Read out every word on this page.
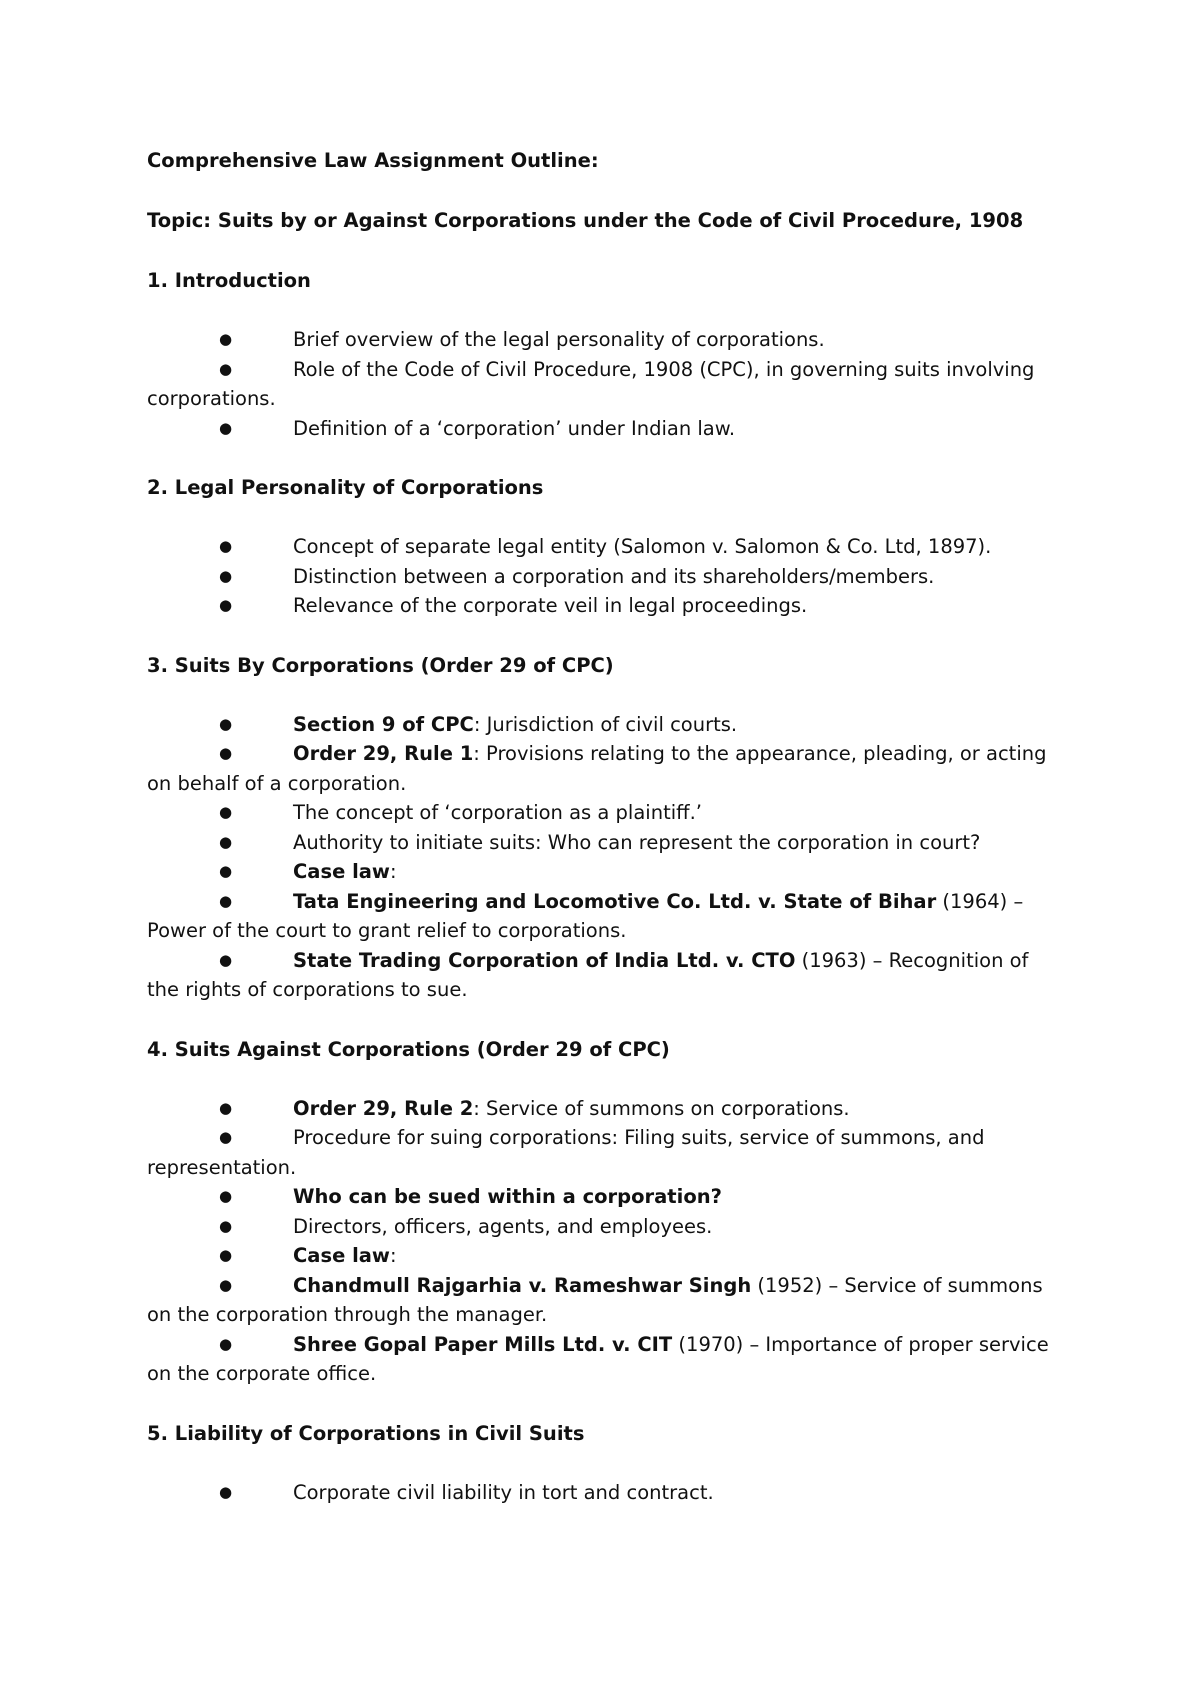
Comprehensive Law Assignment Outline:

Topic: Suits by or Against Corporations under the Code of Civil Procedure, 1908

1. Introduction

●	Brief overview of the legal personality of corporations.
●	Role of the Code of Civil Procedure, 1908 (CPC), in governing suits involving corporations.
●	Definition of a ‘corporation’ under Indian law.

2. Legal Personality of Corporations

●	Concept of separate legal entity (Salomon v. Salomon & Co. Ltd, 1897).
●	Distinction between a corporation and its shareholders/members.
●	Relevance of the corporate veil in legal proceedings.

3. Suits By Corporations (Order 29 of CPC)

●	Section 9 of CPC: Jurisdiction of civil courts.
●	Order 29, Rule 1: Provisions relating to the appearance, pleading, or acting on behalf of a corporation.
●	The concept of ‘corporation as a plaintiff.’
●	Authority to initiate suits: Who can represent the corporation in court?
●	Case law:
●	Tata Engineering and Locomotive Co. Ltd. v. State of Bihar (1964) – Power of the court to grant relief to corporations.
●	State Trading Corporation of India Ltd. v. CTO (1963) – Recognition of the rights of corporations to sue.

4. Suits Against Corporations (Order 29 of CPC)

●	Order 29, Rule 2: Service of summons on corporations.
●	Procedure for suing corporations: Filing suits, service of summons, and representation.
●	Who can be sued within a corporation?
●	Directors, officers, agents, and employees.
●	Case law:
●	Chandmull Rajgarhia v. Rameshwar Singh (1952) – Service of summons on the corporation through the manager.
●	Shree Gopal Paper Mills Ltd. v. CIT (1970) – Importance of proper service on the corporate office.

5. Liability of Corporations in Civil Suits

●	Corporate civil liability in tort and contract.
